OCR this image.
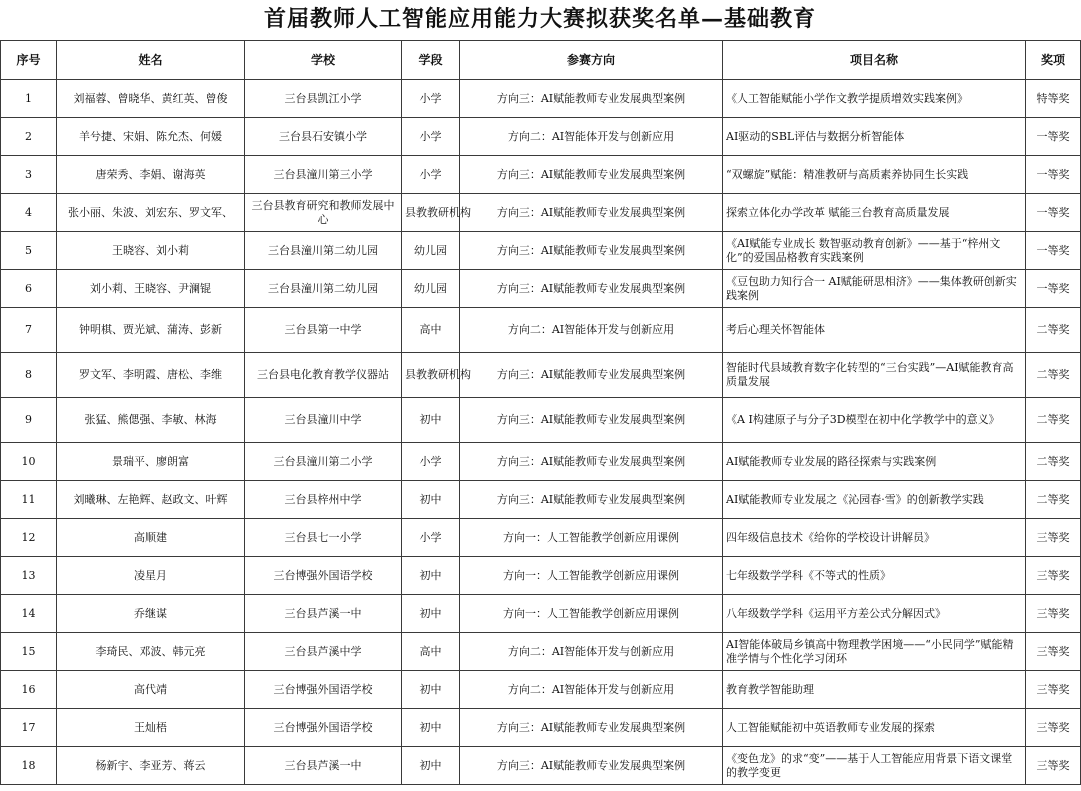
首届教师人工智能应用能力大赛拟获奖名单—基础教育
序号	姓名	学校	学段	参赛方向	项目名称	奖项
1	刘福蓉、曾晓华、黄红英、曾俊	三台县凯江小学	小学	方向三：AI赋能教师专业发展典型案例	《人工智能赋能小学作文教学提质增效实践案例》	特等奖
2	羊兮捷、宋娟、陈允杰、何媛	三台县石安镇小学	小学	方向二：AI智能体开发与创新应用	AI驱动的SBL评估与数据分析智能体	一等奖
3	唐荣秀、李娟、谢海英	三台县潼川第三小学	小学	方向三：AI赋能教师专业发展典型案例	“双螺旋”赋能：精准教研与高质素养协同生长实践	一等奖
4	张小丽、朱波、刘宏东、罗文军、	三台县教育研究和教师发展中心	县教教研机构	方向三：AI赋能教师专业发展典型案例	探索立体化办学改革 赋能三台教育高质量发展	一等奖
5	王晓容、刘小莉	三台县潼川第二幼儿园	幼儿园	方向三：AI赋能教师专业发展典型案例	《AI赋能专业成长 数智驱动教育创新》——基于“梓州文化”的爱国品格教育实践案例	一等奖
6	刘小莉、王晓容、尹澜锟	三台县潼川第二幼儿园	幼儿园	方向三：AI赋能教师专业发展典型案例	《豆包助力知行合一 AI赋能研思相济》——集体教研创新实践案例	一等奖
7	钟明棋、贾光斌、蒲涛、彭新	三台县第一中学	高中	方向二：AI智能体开发与创新应用	考后心理关怀智能体	二等奖
8	罗文军、李明霞、唐松、李维	三台县电化教育教学仪器站	县教教研机构	方向三：AI赋能教师专业发展典型案例	智能时代县域教育数字化转型的“三台实践”—AI赋能教育高质量发展	二等奖
9	张猛、熊偲强、李敏、林海	三台县潼川中学	初中	方向三：AI赋能教师专业发展典型案例	《A I构建原子与分子3D模型在初中化学教学中的意义》	二等奖
10	景瑞平、廖朗富	三台县潼川第二小学	小学	方向三：AI赋能教师专业发展典型案例	AI赋能教师专业发展的路径探索与实践案例	二等奖
11	刘曦琳、左艳辉、赵政文、叶辉	三台县梓州中学	初中	方向三：AI赋能教师专业发展典型案例	AI赋能教师专业发展之《沁园春·雪》的创新教学实践	二等奖
12	高顺建	三台县七一小学	小学	方向一：人工智能教学创新应用课例	四年级信息技术《给你的学校设计讲解员》	三等奖
13	凌星月	三台博强外国语学校	初中	方向一：人工智能教学创新应用课例	七年级数学学科《不等式的性质》	三等奖
14	乔继谋	三台县芦溪一中	初中	方向一：人工智能教学创新应用课例	八年级数学学科《运用平方差公式分解因式》	三等奖
15	李琦民、邓波、韩元亮	三台县芦溪中学	高中	方向二：AI智能体开发与创新应用	AI智能体破局乡镇高中物理教学困境——“小民同学”赋能精准学情与个性化学习闭环	三等奖
16	高代靖	三台博强外国语学校	初中	方向二：AI智能体开发与创新应用	教育教学智能助理	三等奖
17	王灿梧	三台博强外国语学校	初中	方向三：AI赋能教师专业发展典型案例	人工智能赋能初中英语教师专业发展的探索	三等奖
18	杨新宇、李亚芳、蒋云	三台县芦溪一中	初中	方向三：AI赋能教师专业发展典型案例	《变色龙》的求“变”——基于人工智能应用背景下语文课堂的教学变更	三等奖
